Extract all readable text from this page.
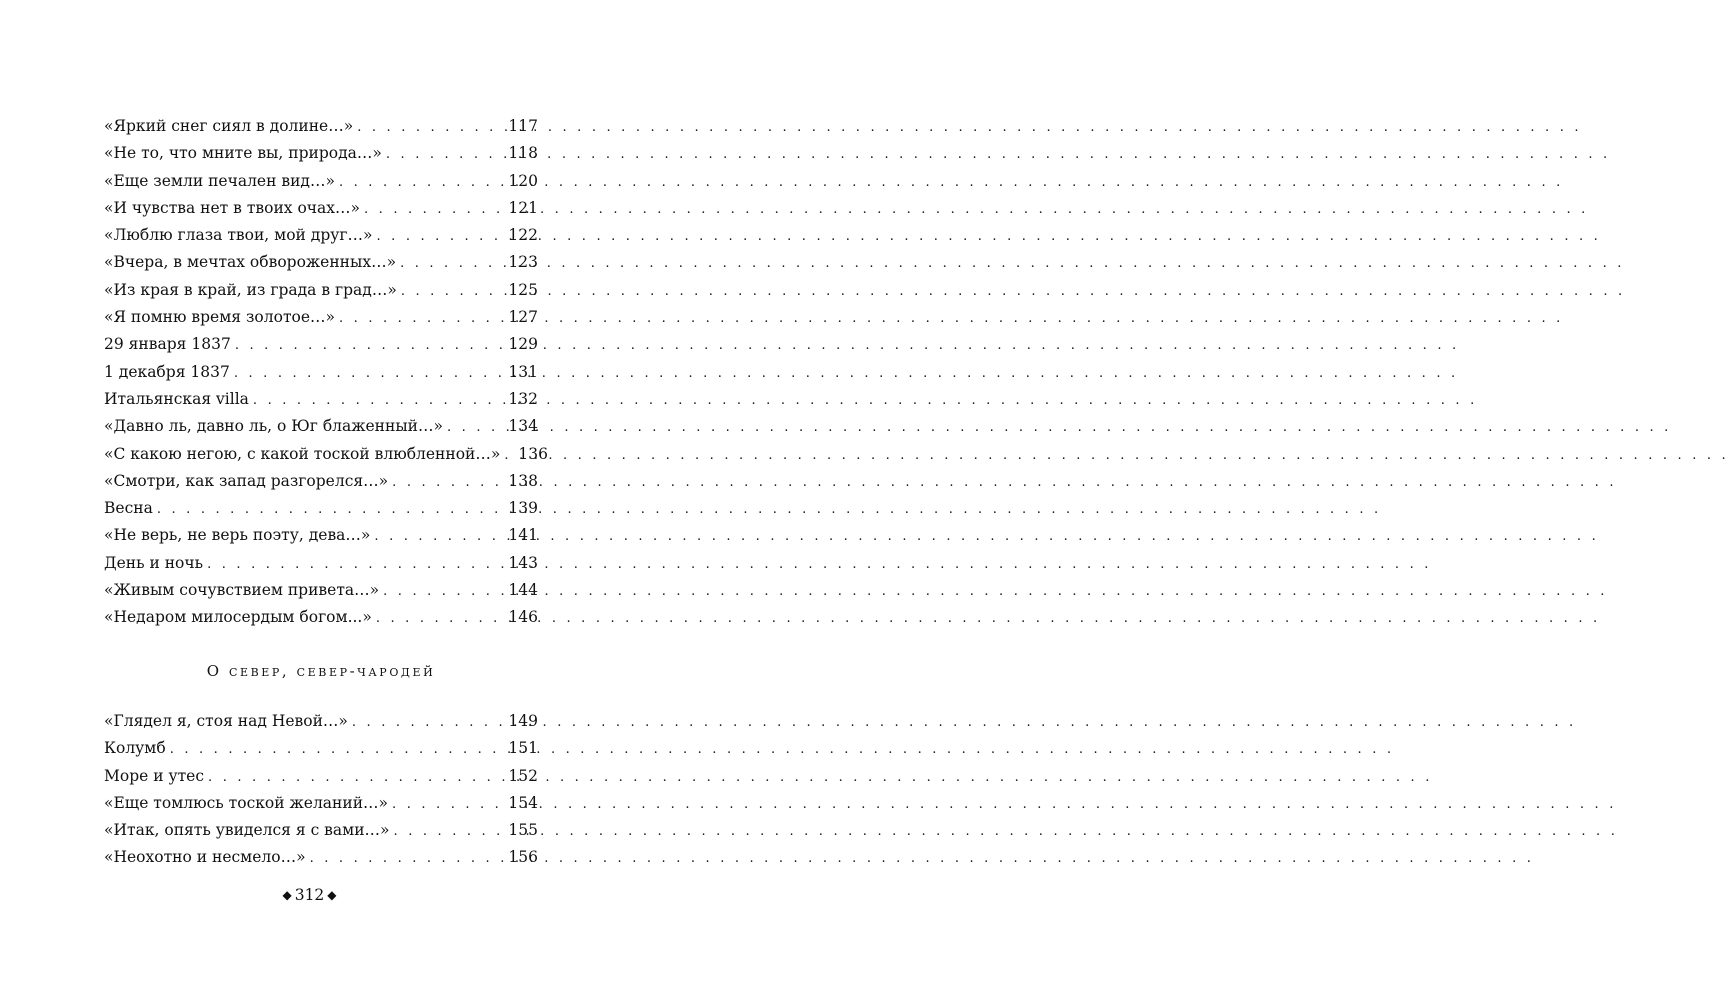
«Яркий снег сиял в долине…» . . .	117
«Не то, что мните вы, природа…» . . .	118
«Еще земли печален вид…» . . .	120
«И чувства нет в твоих очах…» . . .	121
«Люблю глаза твои, мой друг…» . . .	122
«Вчера, в мечтах обвороженных…» . . .	123
«Из края в край, из града в град…» . . .	125
«Я помню время золотое…» . . .	127
29 января 1837 . . .	129
1 декабря 1837 . . .	131
Итальянская villa . . .	132
«Давно ль, давно ль, о Юг блаженный…» . . .	134
«С какою негою, с какой тоской влюбленной…» . . .	136
«Смотри, как запад разгорелся…» . . .	138
Весна . . .	139
«Не верь, не верь поэту, дева…» . . .	141
День и ночь . . .	143
«Живым сочувствием привета…» . . .	144
«Недаром милосердым богом...» . . .	146
О север, север-чародей
«Глядел я, стоя над Невой…» . . .	149
Колумб . . .	151
Море и утес . . .	152
«Еще томлюсь тоской желаний…» . . .	154
«Итак, опять увиделся я с вами…» . . .	155
«Неохотно и несмело…» . . .	156
◆ 312 ◆
